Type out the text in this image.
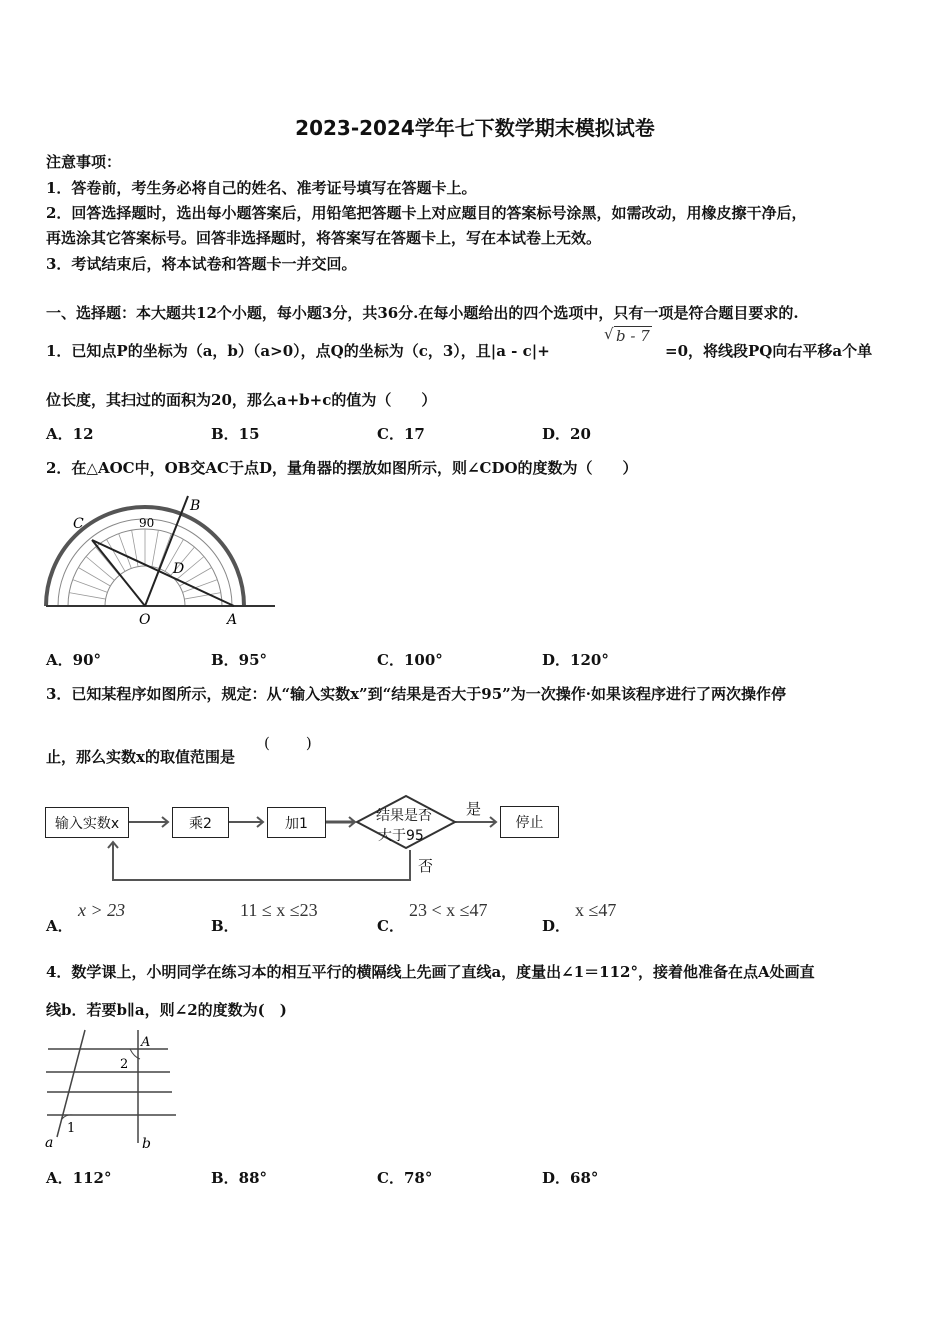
2023-2024学年七下数学期末模拟试卷
注意事项：
1．答卷前，考生务必将自己的姓名、准考证号填写在答题卡上。
2．回答选择题时，选出每小题答案后，用铅笔把答题卡上对应题目的答案标号涂黑，如需改动，用橡皮擦干净后，
再选涂其它答案标号。回答非选择题时，将答案写在答题卡上，写在本试卷上无效。
3．考试结束后，将本试卷和答题卡一并交回。
一、选择题：本大题共12个小题，每小题3分，共36分.在每小题给出的四个选项中，只有一项是符合题目要求的.
1．已知点P的坐标为（a，b）（a>0），点Q的坐标为（c，3），且|a - c|+
b - 7
√
=0，将线段PQ向右平移a个单
位长度，其扫过的面积为20，那么a+b+c的值为（　　）
A．12	B．15	C．17	D．20
2．在△AOC中，OB交AC于点D，量角器的摆放如图所示，则∠CDO的度数为（　　）
C
B
D
O	A
90
A．90°	B．95°	C．100°	D．120°
3．已知某程序如图所示，规定：从“输入实数x”到“结果是否大于95”为一次操作·如果该程序进行了两次操作停
止，那么实数x的取值范围是
(　　)
输入实数x	乘2	加1	结果是否
大于95
是
否
停止
A．
x > 23
B．
11 ≤ x ≤23
C．
23 < x ≤47
D．
x ≤47
4．数学课上，小明同学在练习本的相互平行的横隔线上先画了直线a，度量出∠1＝112°，接着他准备在点A处画直
线b．若要b∥a，则∠2的度数为(　)
A
2
1
a	b
A．112°	B．88°	C．78°	D．68°
